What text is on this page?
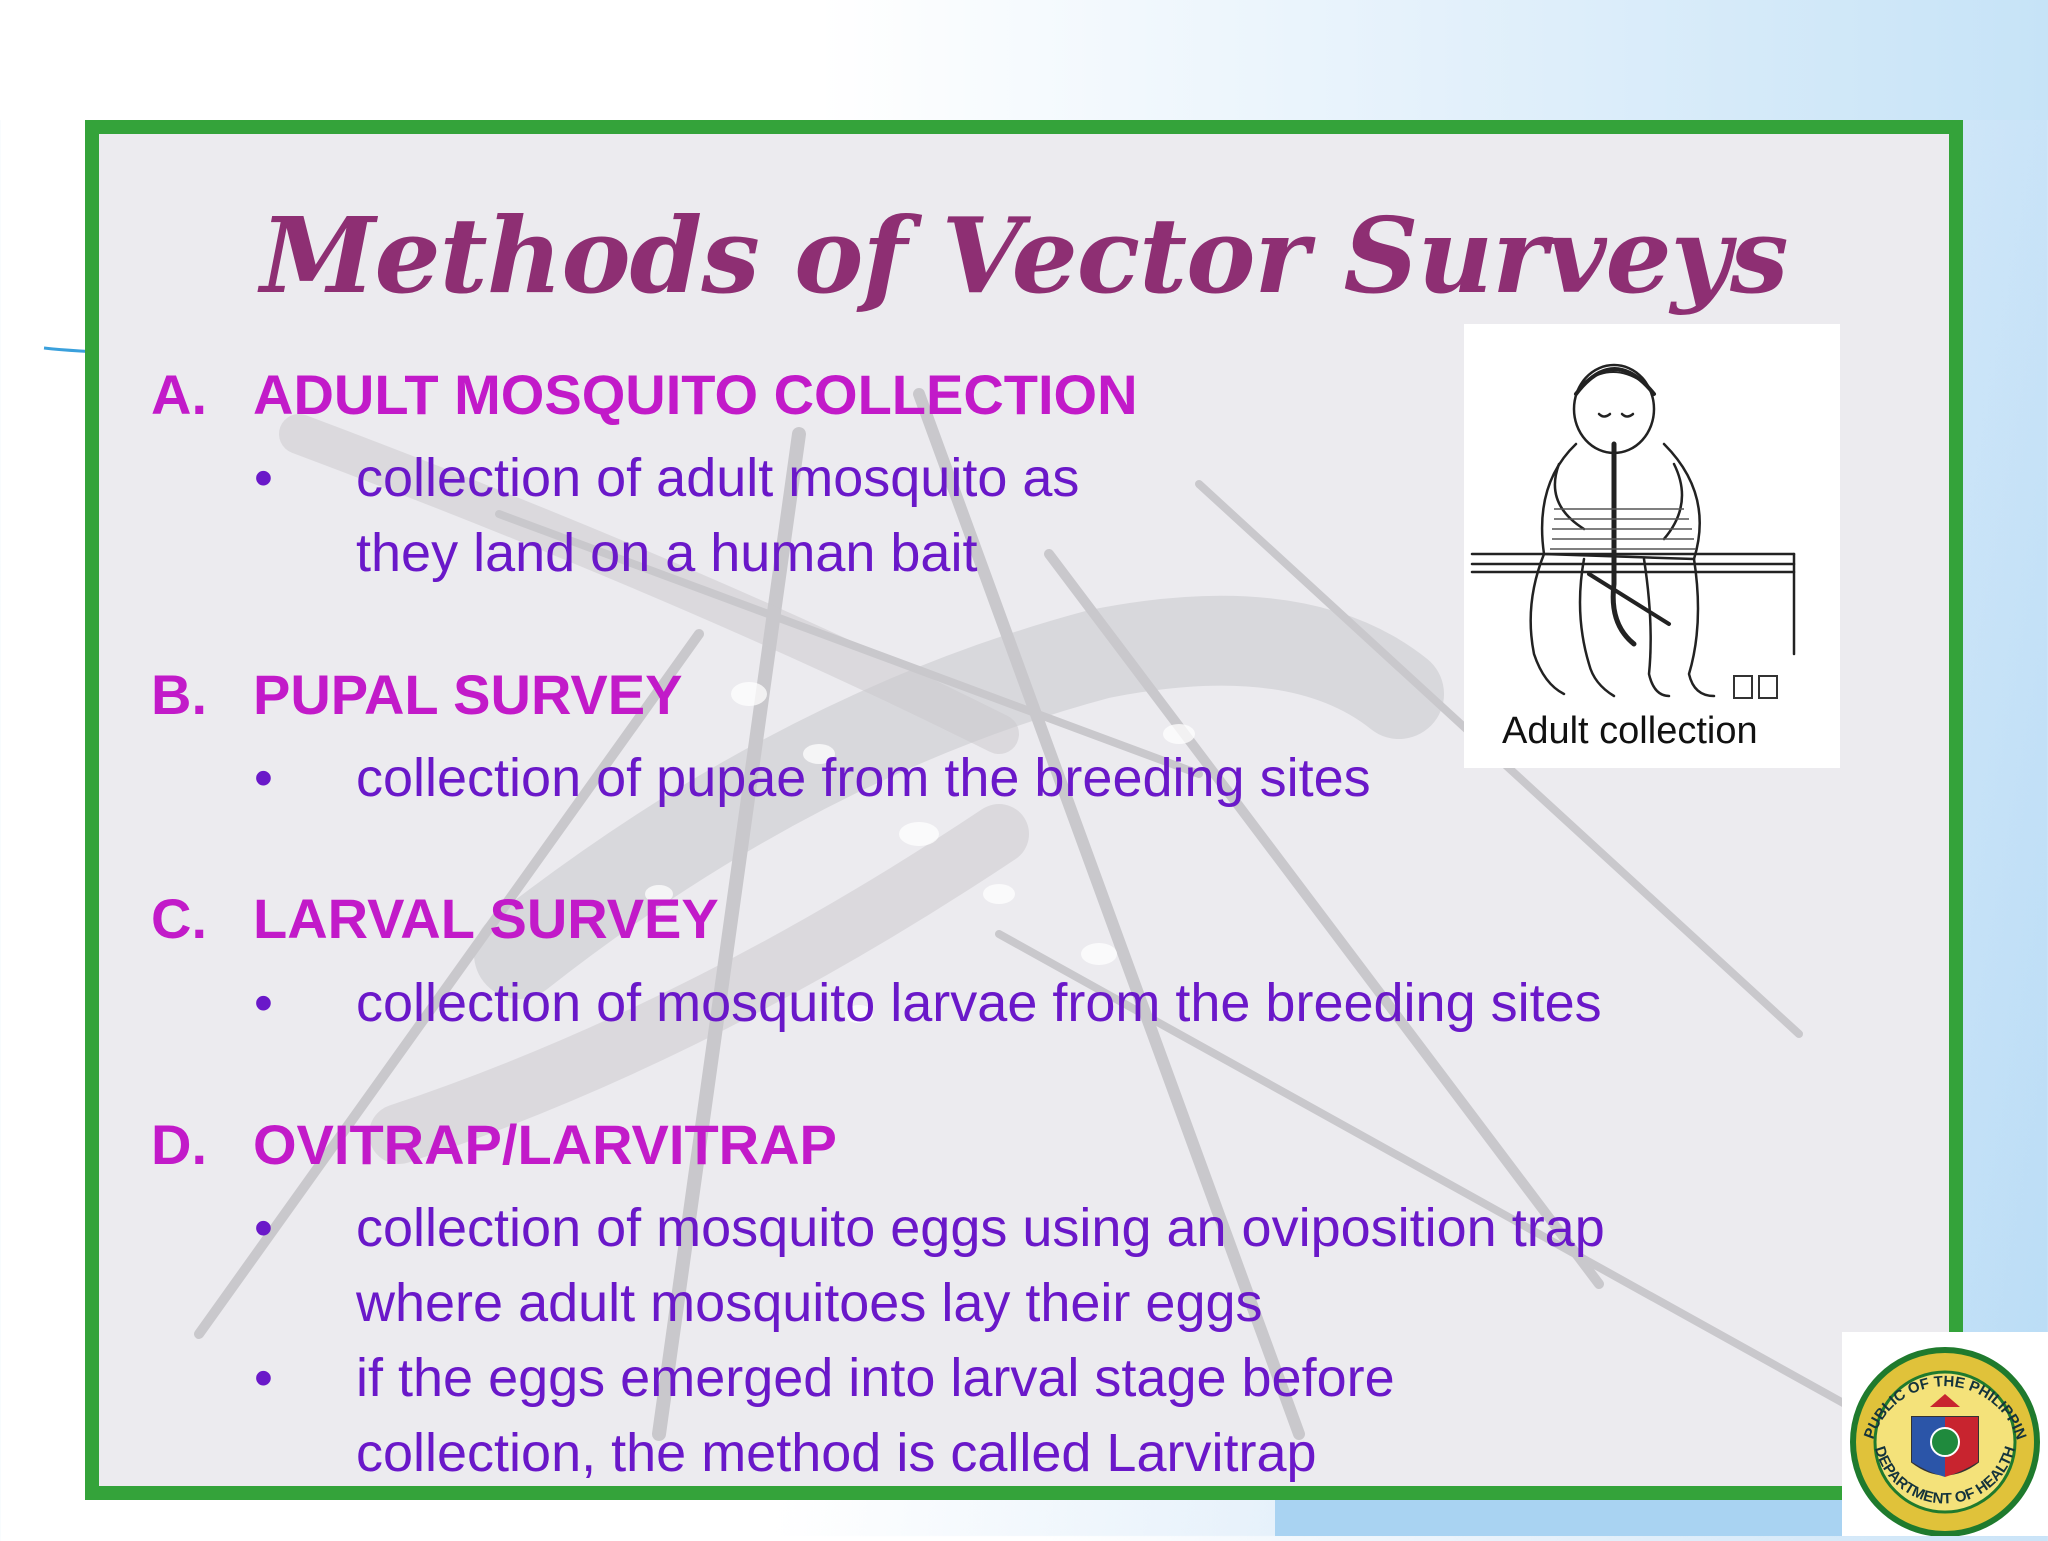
Methods of Vector Surveys
A. ADULT MOSQUITO COLLECTION
• collection of adult mosquito as
they land on a human bait
B. PUPAL SURVEY
• collection of pupae from the breeding sites
C. LARVAL SURVEY
• collection of mosquito larvae from the breeding sites
D. OVITRAP/LARVITRAP
• collection of mosquito eggs using an oviposition trap
where adult mosquitoes lay their eggs
• if the eggs emerged into larval stage before
collection, the method is called Larvitrap
Adult collection
PUBLIC OF THE PHILIPPIN
DEPARTMENT OF HEALTH
